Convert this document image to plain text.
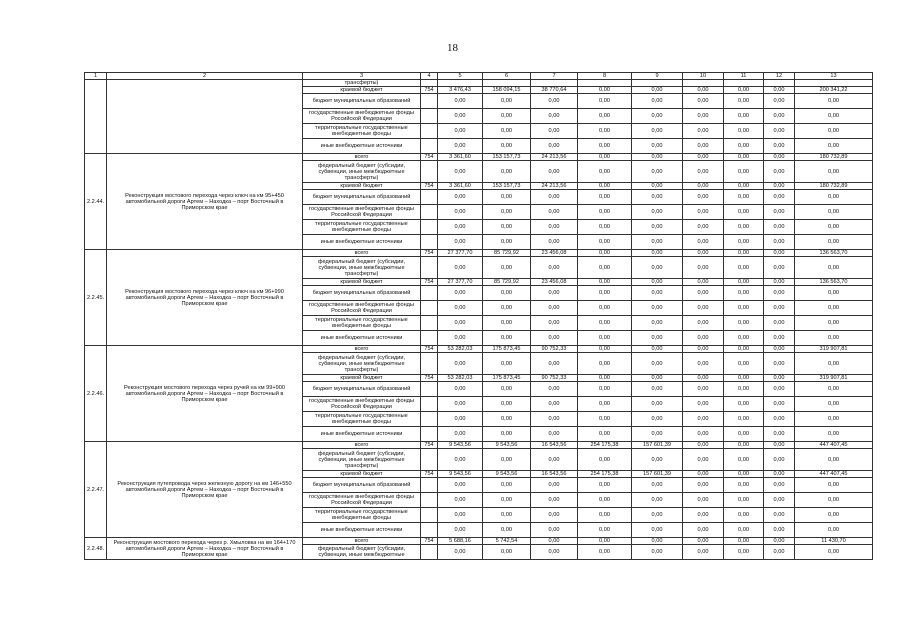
18
1	2	3	4	5	6	7	8	9	10	11	12	13
		трансферты)										
		краевой бюджет	754	3 476,43	158 094,15	38 770,64	0,00	0,00	0,00	0,00	0,00	200 341,22
		бюджет муниципальных образований		0,00	0,00	0,00	0,00	0,00	0,00	0,00	0,00	0,00
		государственные внебюджетные фонды Российской Федерации		0,00	0,00	0,00	0,00	0,00	0,00	0,00	0,00	0,00
		территориальные государственные внебюджетные фонды		0,00	0,00	0,00	0,00	0,00	0,00	0,00	0,00	0,00
		иные внебюджетные источники		0,00	0,00	0,00	0,00	0,00	0,00	0,00	0,00	0,00
2.2.44.	Реконструкция мостового перехода через ключ на км 95+450 автомобильной дороги Артем – Находка – порт Восточный в Приморском крае	всего	754	3 361,60	153 157,73	24 213,56	0,00	0,00	0,00	0,00	0,00	180 732,89
		федеральный бюджет (субсидии, субвенции, иные межбюджетные трансферты)		0,00	0,00	0,00	0,00	0,00	0,00	0,00	0,00	0,00
		краевой бюджет	754	3 361,60	153 157,73	24 213,56	0,00	0,00	0,00	0,00	0,00	180 732,89
		бюджет муниципальных образований		0,00	0,00	0,00	0,00	0,00	0,00	0,00	0,00	0,00
		государственные внебюджетные фонды Российской Федерации		0,00	0,00	0,00	0,00	0,00	0,00	0,00	0,00	0,00
		территориальные государственные внебюджетные фонды		0,00	0,00	0,00	0,00	0,00	0,00	0,00	0,00	0,00
		иные внебюджетные источники		0,00	0,00	0,00	0,00	0,00	0,00	0,00	0,00	0,00
2.2.45.	Реконструкция мостового перехода через ключ на км 96+990 автомобильной дороги Артем – Находка – порт Восточный в Приморском крае	всего	754	27 377,70	85 729,92	23 456,08	0,00	0,00	0,00	0,00	0,00	136 563,70
		федеральный бюджет (субсидии, субвенции, иные межбюджетные трансферты)		0,00	0,00	0,00	0,00	0,00	0,00	0,00	0,00	0,00
		краевой бюджет	754	27 377,70	85 729,92	23 456,08	0,00	0,00	0,00	0,00	0,00	136 563,70
		бюджет муниципальных образований		0,00	0,00	0,00	0,00	0,00	0,00	0,00	0,00	0,00
		государственные внебюджетные фонды Российской Федерации		0,00	0,00	0,00	0,00	0,00	0,00	0,00	0,00	0,00
		территориальные государственные внебюджетные фонды		0,00	0,00	0,00	0,00	0,00	0,00	0,00	0,00	0,00
		иные внебюджетные источники		0,00	0,00	0,00	0,00	0,00	0,00	0,00	0,00	0,00
2.2.46.	Реконструкция мостового перехода через ручей на км 99+900 автомобильной дороги Артем – Находка – порт Восточный в Приморском крае	всего	754	53 282,03	175 873,45	90 752,33	0,00	0,00	0,00	0,00	0,00	319 907,81
		федеральный бюджет (субсидии, субвенции, иные межбюджетные трансферты)		0,00	0,00	0,00	0,00	0,00	0,00	0,00	0,00	0,00
		краевой бюджет	754	53 282,03	175 873,45	90 752,33	0,00	0,00	0,00	0,00	0,00	319 907,81
		бюджет муниципальных образований		0,00	0,00	0,00	0,00	0,00	0,00	0,00	0,00	0,00
		государственные внебюджетные фонды Российской Федерации		0,00	0,00	0,00	0,00	0,00	0,00	0,00	0,00	0,00
		территориальные государственные внебюджетные фонды		0,00	0,00	0,00	0,00	0,00	0,00	0,00	0,00	0,00
		иные внебюджетные источники		0,00	0,00	0,00	0,00	0,00	0,00	0,00	0,00	0,00
2.2.47.	Реконструкция путепровода через железную дорогу на км 146+550 автомобильной дороги Артем – Находка – порт Восточный в Приморском крае	всего	754	9 543,56	9 543,56	16 543,56	254 175,38	157 601,39	0,00	0,00	0,00	447 407,45
		федеральный бюджет (субсидии, субвенции, иные межбюджетные трансферты)		0,00	0,00	0,00	0,00	0,00	0,00	0,00	0,00	0,00
		краевой бюджет	754	9 543,56	9 543,56	16 543,56	254 175,38	157 601,39	0,00	0,00	0,00	447 407,45
		бюджет муниципальных образований		0,00	0,00	0,00	0,00	0,00	0,00	0,00	0,00	0,00
		государственные внебюджетные фонды Российской Федерации		0,00	0,00	0,00	0,00	0,00	0,00	0,00	0,00	0,00
		территориальные государственные внебюджетные фонды		0,00	0,00	0,00	0,00	0,00	0,00	0,00	0,00	0,00
		иные внебюджетные источники		0,00	0,00	0,00	0,00	0,00	0,00	0,00	0,00	0,00
2.2.48.	Реконструкция мостового перехода через р. Хмыловка на км 164+170 автомобильной дороги Артем – Находка – порт Восточный в Приморском крае	всего	754	5 688,16	5 742,54	0,00	0,00	0,00	0,00	0,00	0,00	11 430,70
		федеральный бюджет (субсидии, субвенции, иные межбюджетные		0,00	0,00	0,00	0,00	0,00	0,00	0,00	0,00	0,00
